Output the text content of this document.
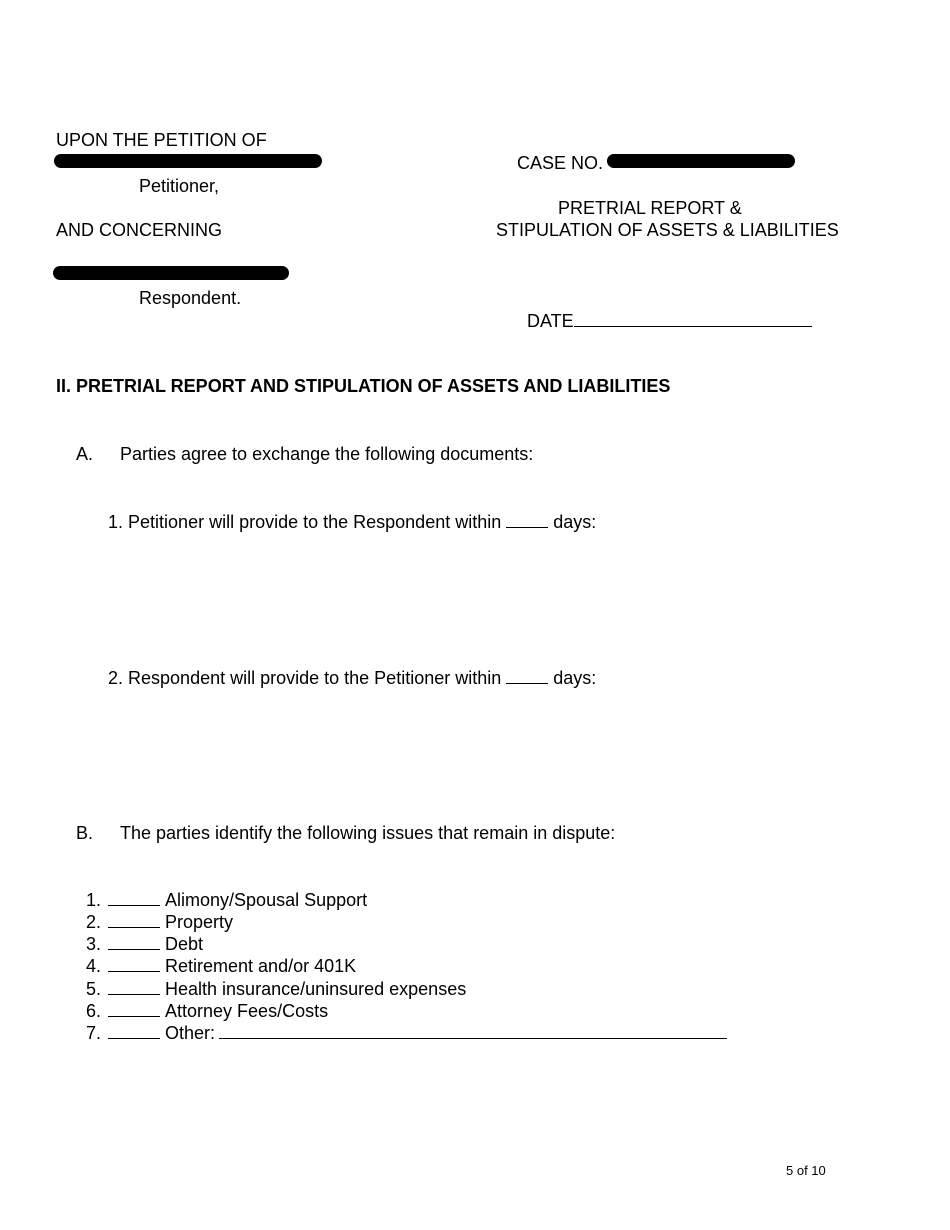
UPON THE PETITION OF
Petitioner,
AND CONCERNING
Respondent.
CASE NO.
PRETRIAL REPORT &
STIPULATION OF ASSETS & LIABILITIES

DATE

II. PRETRIAL REPORT AND STIPULATION OF ASSETS AND LIABILITIES
A. Parties agree to exchange the following documents:

1. Petitioner will provide to the Respondent within	days:

2. Respondent will provide to the Petitioner within	days:

B. The parties identify the following issues that remain in dispute:

1.	Alimony/Spousal Support

2.	Property

3.	Debt

4.	Retirement and/or 401K

5.	Health insurance/uninsured expenses

6.	Attorney Fees/Costs

7.	Other:

5 of 10
